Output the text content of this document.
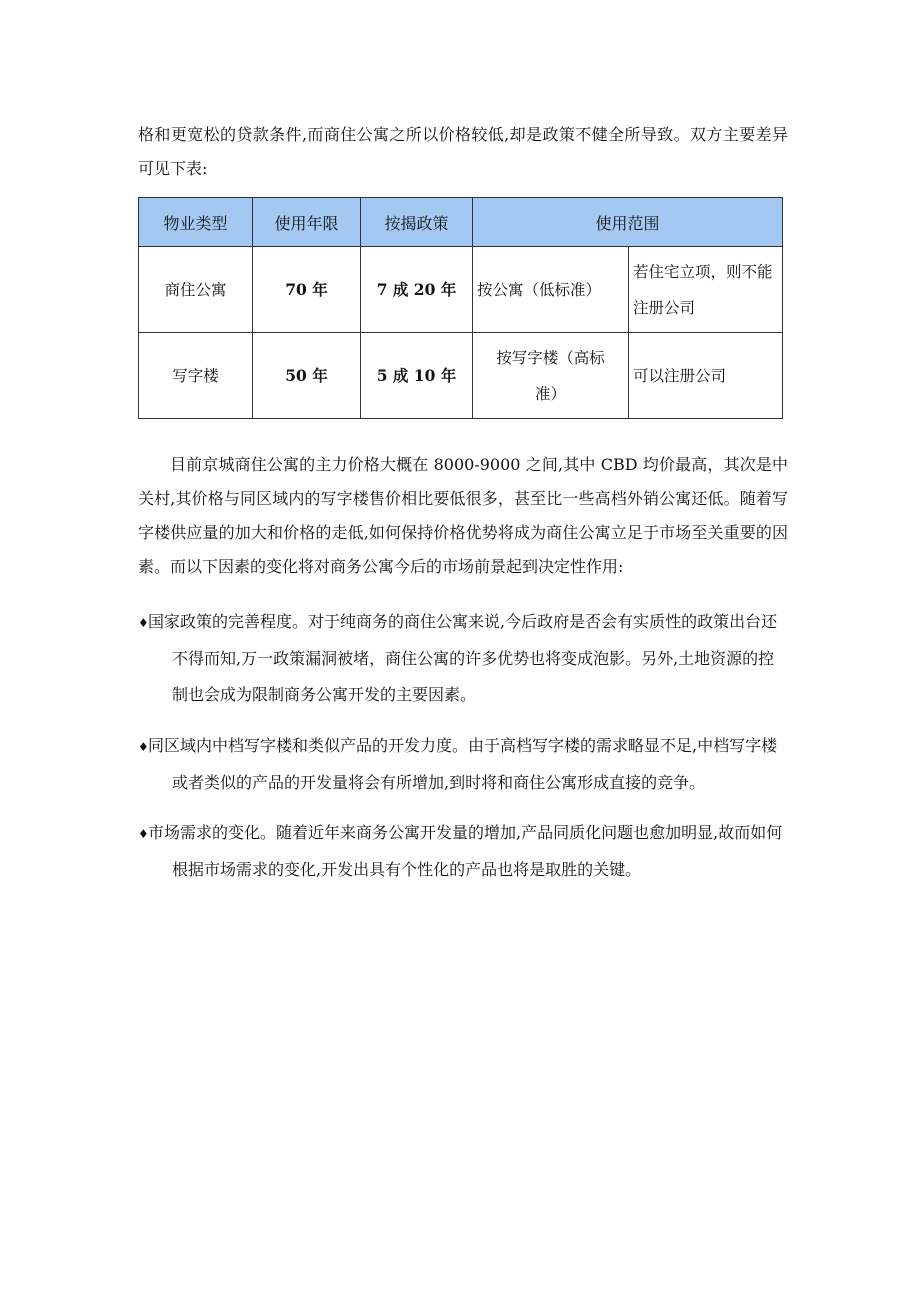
格和更宽松的贷款条件,而商住公寓之所以价格较低,却是政策不健全所导致。双方主要差异可见下表:
物业类型	使用年限	按揭政策	使用范围	
商住公寓	70 年	7 成 20 年	按公寓（低标准）	若住宅立项，则不能注册公司
写字楼	50 年	5 成 10 年	按写字楼（高标准）	可以注册公司
目前京城商住公寓的主力价格大概在 8000-9000 之间,其中 CBD 均价最高，其次是中关村,其价格与同区域内的写字楼售价相比要低很多，甚至比一些高档外销公寓还低。随着写字楼供应量的加大和价格的走低,如何保持价格优势将成为商住公寓立足于市场至关重要的因素。而以下因素的变化将对商务公寓今后的市场前景起到决定性作用:
♦国家政策的完善程度。对于纯商务的商住公寓来说,今后政府是否会有实质性的政策出台还不得而知,万一政策漏洞被堵，商住公寓的许多优势也将变成泡影。另外,土地资源的控制也会成为限制商务公寓开发的主要因素。
♦同区域内中档写字楼和类似产品的开发力度。由于高档写字楼的需求略显不足,中档写字楼或者类似的产品的开发量将会有所增加,到时将和商住公寓形成直接的竞争。
♦市场需求的变化。随着近年来商务公寓开发量的增加,产品同质化问题也愈加明显,故而如何根据市场需求的变化,开发出具有个性化的产品也将是取胜的关键。
